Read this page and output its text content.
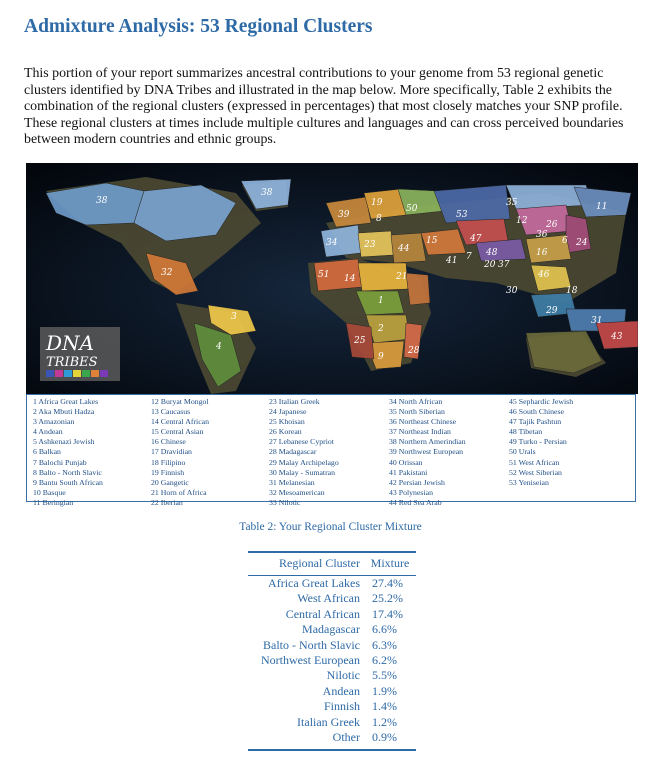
Admixture Analysis: 53 Regional Clusters

This portion of your report summarizes ancestral contributions to your genome from 53 regional genetic clusters identified by DNA Tribes and illustrated in the map below. More specifically, Table 2 exhibits the combination of the regional clusters (expressed in percentages) that most closely matches your SNP profile. These regional clusters at times include multiple cultures and languages and can cross perceived boundaries between modern countries and ethnic groups.

38
38
32
3
4
39
19
8
50
53
35	11
12
36
24
47
15
48	16
46
30
29
31
43
34	23	44
51 14	21
1
2
9
28
25
41 7
20 37
26
6
18
DNA
TRIBES
1 Africa Great Lakes
2 Aka Mbuti Hadza
3 Amazonian
4 Andean
5 Ashkenazi Jewish
6 Balkan
7 Balochi Punjab
8 Balto - North Slavic
9 Bantu South African
10 Basque
11 Beringian
12 Buryat Mongol
13 Caucasus
14 Central African
15 Central Asian
16 Chinese
17 Dravidian
18 Filipino
19 Finnish
20 Gangetic
21 Horn of Africa
22 Iberian
23 Italian Greek
24 Japanese
25 Khoisan
26 Korean
27 Lebanese Cypriot
28 Madagascar
29 Malay Archipelago
30 Malay - Sumatran
31 Melanesian
32 Mesoamerican
33 Nilotic
34 North African
35 North Siberian
36 Northeast Chinese
37 Northeast Indian
38 Northern Amerindian
39 Northwest European
40 Orissan
41 Pakistani
42 Persian Jewish
43 Polynesian
44 Red Sea Arab
45 Sephardic Jewish
46 South Chinese
47 Tajik Pashtun
48 Tibetan
49 Turko - Persian
50 Urals
51 West African
52 West Siberian
53 Yeniseian
Table 2: Your Regional Cluster Mixture
Regional Cluster	Mixture
Africa Great Lakes	27.4%
West African	25.2%
Central African	17.4%
Madagascar	6.6%
Balto - North Slavic	6.3%
Northwest European	6.2%
Nilotic	5.5%
Andean	1.9%
Finnish	1.4%
Italian Greek	1.2%
Other	0.9%
